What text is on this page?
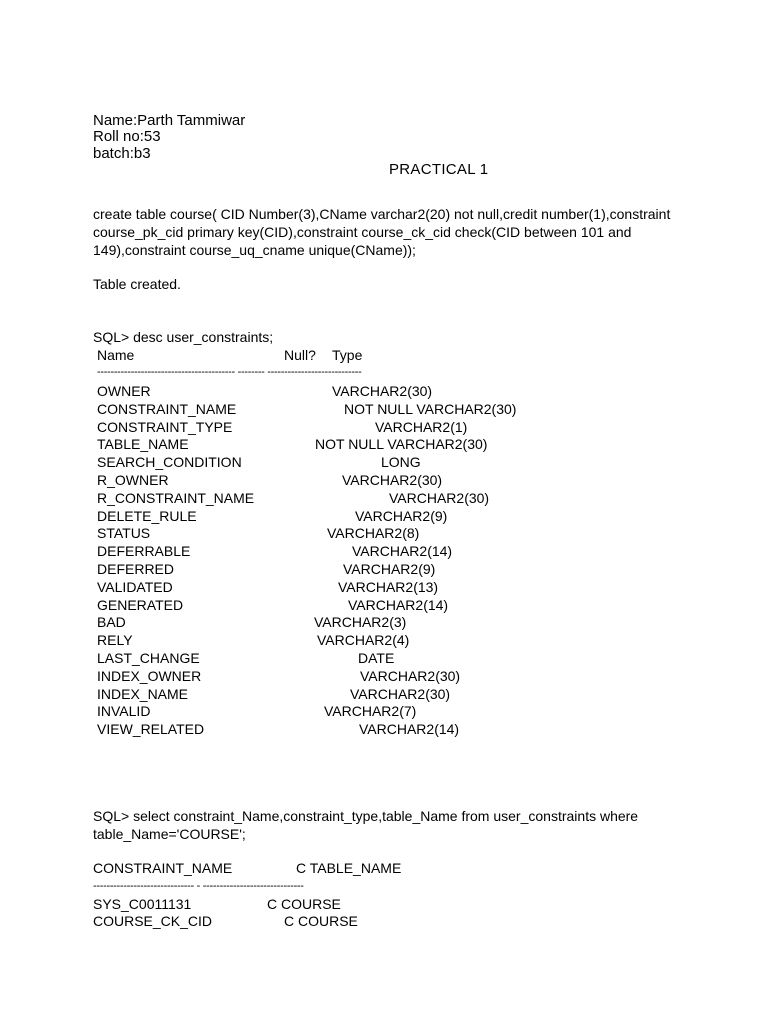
Name:Parth Tammiwar
Roll no:53
batch:b3
PRACTICAL 1
create table course( CID Number(3),CName varchar2(20) not null,credit number(1),constraint course_pk_cid primary key(CID),constraint course_ck_cid check(CID between 101 and 149),constraint course_uq_cname unique(CName));
Table created.
SQL> desc user_constraints;
Name	Null? Type
----------------------------------------- -------- ----------------------------
OWNER	VARCHAR2(30)
CONSTRAINT_NAME	NOT NULL VARCHAR2(30)
CONSTRAINT_TYPE	VARCHAR2(1)
TABLE_NAME	NOT NULL VARCHAR2(30)
SEARCH_CONDITION	LONG
R_OWNER	VARCHAR2(30)
R_CONSTRAINT_NAME	VARCHAR2(30)
DELETE_RULE	VARCHAR2(9)
STATUS	VARCHAR2(8)
DEFERRABLE	VARCHAR2(14)
DEFERRED	VARCHAR2(9)
VALIDATED	VARCHAR2(13)
GENERATED	VARCHAR2(14)
BAD	VARCHAR2(3)
RELY	VARCHAR2(4)
LAST_CHANGE	DATE
INDEX_OWNER	VARCHAR2(30)
INDEX_NAME	VARCHAR2(30)
INVALID	VARCHAR2(7)
VIEW_RELATED	VARCHAR2(14)
SQL> select constraint_Name,constraint_type,table_Name from user_constraints where table_Name='COURSE';
CONSTRAINT_NAME	C TABLE_NAME
------------------------------ - ------------------------------
SYS_C0011131	C COURSE
COURSE_CK_CID	C COURSE
